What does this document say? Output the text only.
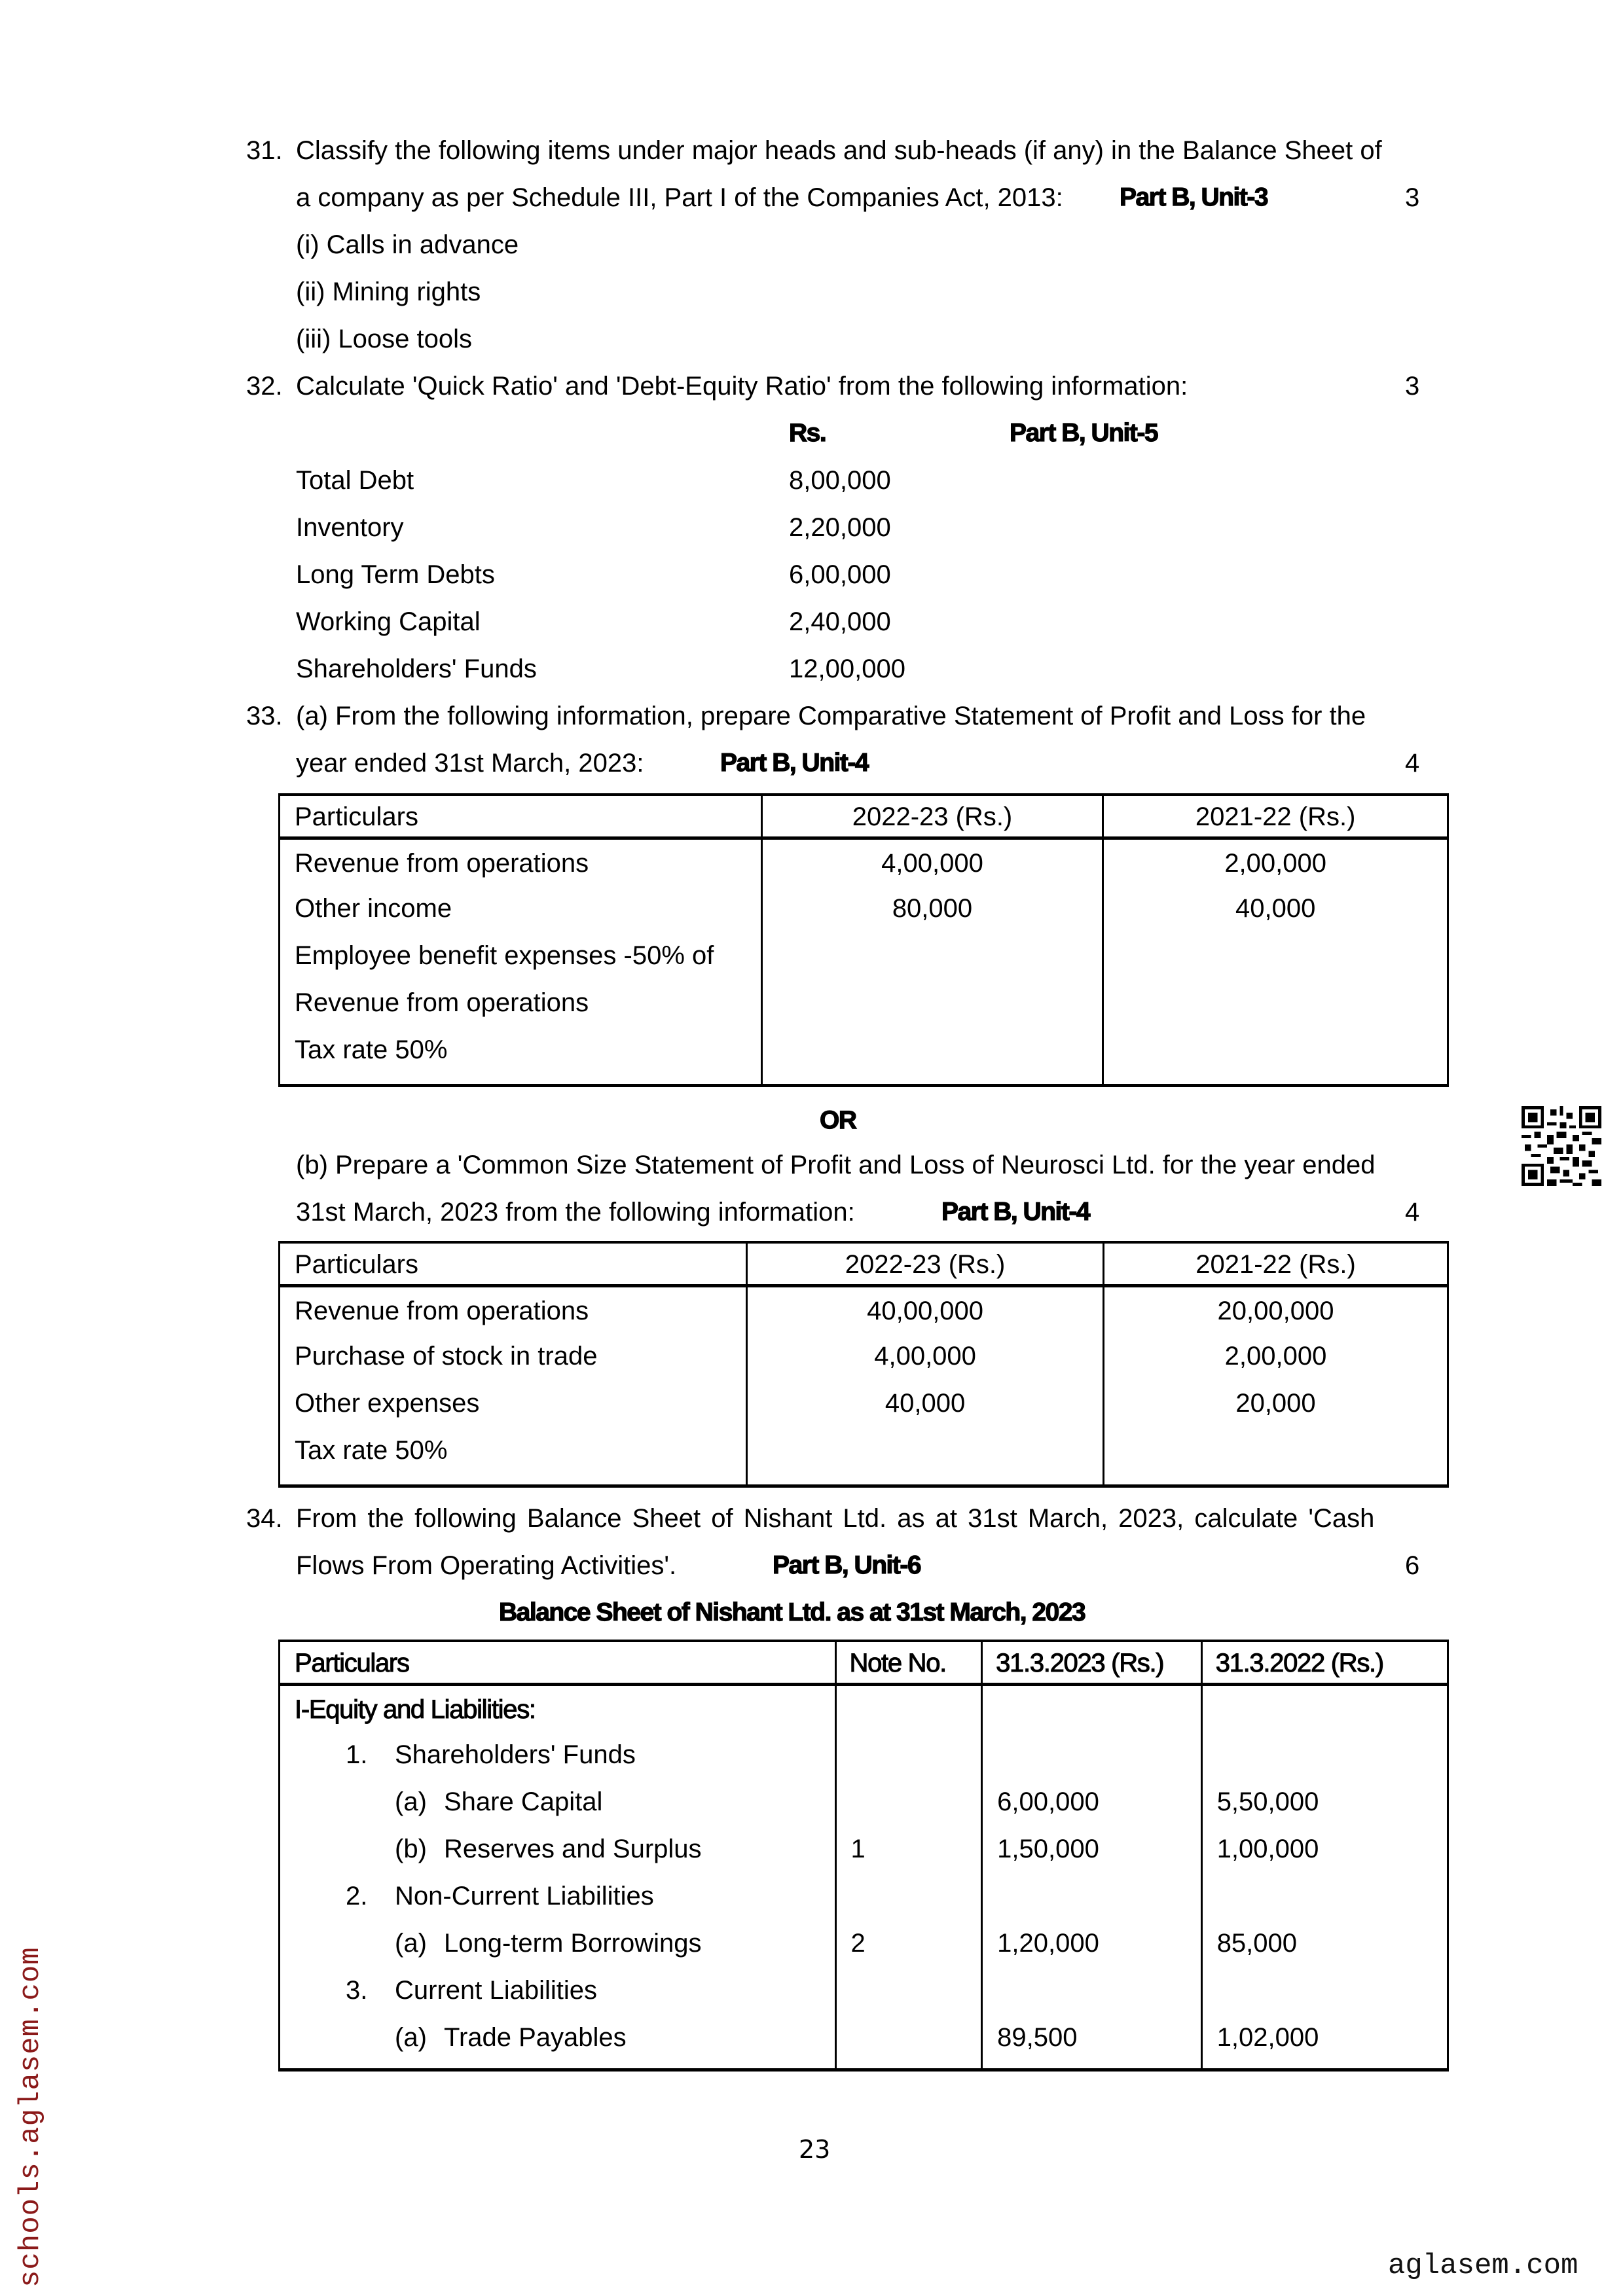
31. Classify the following items under major heads and sub-heads (if any) in the Balance Sheet of
a company as per Schedule III, Part I of the Companies Act, 2013: Part B, Unit-3	3
(i) Calls in advance
(ii) Mining rights
(iii) Loose tools
32. Calculate 'Quick Ratio' and 'Debt-Equity Ratio' from the following information:	3
Rs.	Part B, Unit-5
Total Debt	8,00,000
Inventory	2,20,000
Long Term Debts	6,00,000
Working Capital	2,40,000
Shareholders' Funds	12,00,000
33. (a) From the following information, prepare Comparative Statement of Profit and Loss for the
year ended 31st March, 2023:	Part B, Unit-4	4
Particulars	2022-23 (Rs.)	2021-22 (Rs.)
Revenue from operations	4,00,000	2,00,000
Other income	80,000	40,000
Employee benefit expenses -50% of		
Revenue from operations		
Tax rate 50%		
OR
(b) Prepare a 'Common Size Statement of Profit and Loss of Neurosci Ltd. for the year ended
31st March, 2023 from the following information:	Part B, Unit-4	4
Particulars	2022-23 (Rs.)	2021-22 (Rs.)
Revenue from operations	40,00,000	20,00,000
Purchase of stock in trade	4,00,000	2,00,000
Other expenses	40,000	20,000
Tax rate 50%		
34. From the following Balance Sheet of Nishant Ltd. as at 31st March, 2023, calculate 'Cash
Flows From Operating Activities'.	Part B, Unit-6	6
Balance Sheet of Nishant Ltd. as at 31st March, 2023
Particulars	Note No.	31.3.2023 (Rs.)	31.3.2022 (Rs.)
I-Equity and Liabilities:			
1. Shareholders' Funds			
(a) Share Capital		6,00,000	5,50,000
(b) Reserves and Surplus	1	1,50,000	1,00,000
2. Non-Current Liabilities			
(a) Long-term Borrowings	2	1,20,000	85,000
3. Current Liabilities			
(a) Trade Payables		89,500	1,02,000
23
schools.aglasem.com	aglasem.com
